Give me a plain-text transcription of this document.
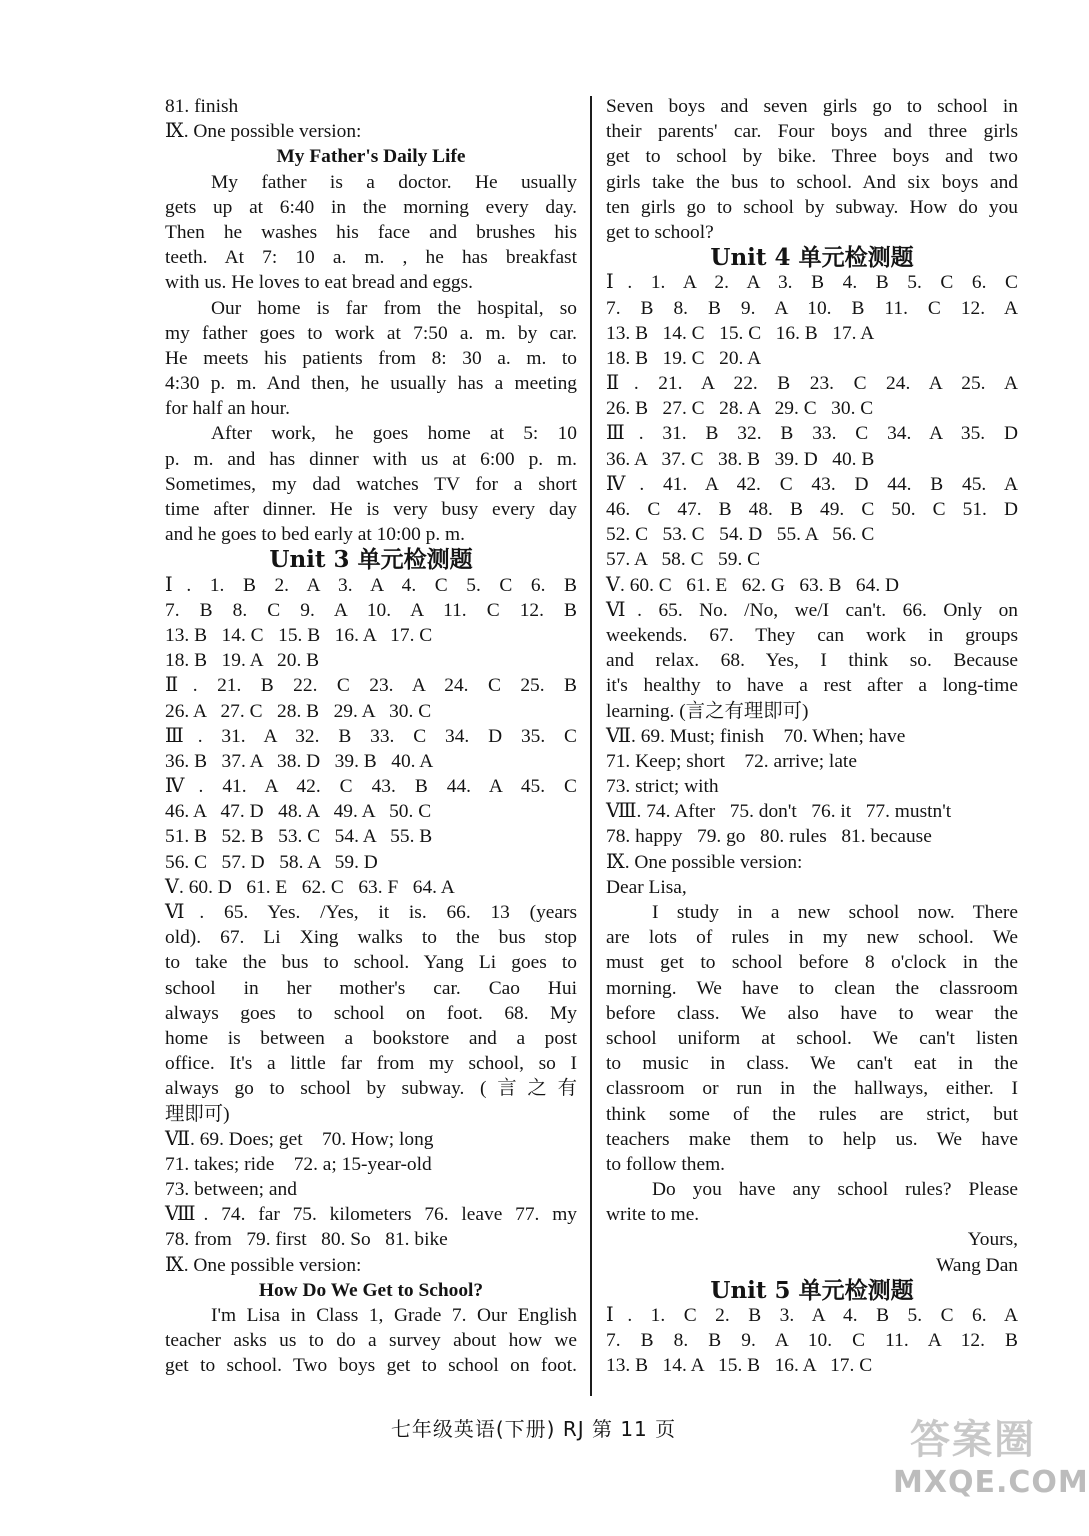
81. finish
Ⅸ. One possible version:
My Father's Daily Life
My father is a doctor. He usually
gets up at 6:40 in the morning every day.
Then he washes his face and brushes his
teeth. At 7: 10 a. m. , he has breakfast
with us. He loves to eat bread and eggs.
Our home is far from the hospital, so
my father goes to work at 7:50 a. m. by car.
He meets his patients from 8: 30 a. m. to
4:30 p. m. And then, he usually has a meeting
for half an hour.
After work, he goes home at 5: 10
p. m. and has dinner with us at 6:00 p. m.
Sometimes, my dad watches TV for a short
time after dinner. He is very busy every day
and he goes to bed early at 10:00 p. m.
Unit 3 单元检测题
Ⅰ. 1. B 2. A 3. A 4. C 5. C 6. B
7. B 8. C 9. A 10. A 11. C 12. B
13. B   14. C   15. B   16. A   17. C
18. B   19. A   20. B
Ⅱ. 21. B 22. C 23. A 24. C 25. B
26. A   27. C   28. B   29. A   30. C
Ⅲ. 31. A 32. B 33. C 34. D 35. C
36. B   37. A   38. D   39. B   40. A
Ⅳ. 41. A 42. C 43. B 44. A 45. C
46. A   47. D   48. A   49. A   50. C
51. B   52. B   53. C   54. A   55. B
56. C   57. D   58. A   59. D
Ⅴ. 60. D   61. E   62. C   63. F   64. A
Ⅵ. 65. Yes. /Yes, it is. 66. 13 (years
old). 67. Li Xing walks to the bus stop
to take the bus to school. Yang Li goes to
school in her mother's car. Cao Hui
always goes to school on foot. 68. My
home is between a bookstore and a post
office. It's a little far from my school, so I
always go to school by subway. (言之有
理即可)
Ⅶ. 69. Does; get    70. How; long
71. takes; ride    72. a; 15-year-old
73. between; and
Ⅷ. 74. far 75. kilometers 76. leave 77. my
78. from   79. first   80. So   81. bike
Ⅸ. One possible version:
How Do We Get to School?
I'm Lisa in Class 1, Grade 7. Our English
teacher asks us to do a survey about how we
get to school. Two boys get to school on foot.
Seven boys and seven girls go to school in
their parents' car. Four boys and three girls
get to school by bike. Three boys and two
girls take the bus to school. And six boys and
ten girls go to school by subway. How do you
get to school?
Unit 4 单元检测题
Ⅰ. 1. A 2. A 3. B 4. B 5. C 6. C
7. B 8. B 9. A 10. B 11. C 12. A
13. B   14. C   15. C   16. B   17. A
18. B   19. C   20. A
Ⅱ. 21. A 22. B 23. C 24. A 25. A
26. B   27. C   28. A   29. C   30. C
Ⅲ. 31. B 32. B 33. C 34. A 35. D
36. A   37. C   38. B   39. D   40. B
Ⅳ. 41. A 42. C 43. D 44. B 45. A
46. C 47. B 48. B 49. C 50. C 51. D
52. C   53. C   54. D   55. A   56. C
57. A   58. C   59. C
Ⅴ. 60. C   61. E   62. G   63. B   64. D
Ⅵ. 65. No. /No, we/I can't. 66. Only on
weekends. 67. They can work in groups
and relax. 68. Yes, I think so. Because
it's healthy to have a rest after a long-time
learning. (言之有理即可)
Ⅶ. 69. Must; finish    70. When; have
71. Keep; short    72. arrive; late
73. strict; with
Ⅷ. 74. After   75. don't   76. it   77. mustn't
78. happy   79. go   80. rules   81. because
Ⅸ. One possible version:
Dear Lisa,
I study in a new school now. There
are lots of rules in my new school. We
must get to school before 8 o'clock in the
morning. We have to clean the classroom
before class. We also have to wear the
school uniform at school. We can't listen
to music in class. We can't eat in the
classroom or run in the hallways, either. I
think some of the rules are strict, but
teachers make them to help us. We have
to follow them.
Do you have any school rules? Please
write to me.
Yours,
Wang Dan
Unit 5 单元检测题
Ⅰ. 1. C 2. B 3. A 4. B 5. C 6. A
7. B 8. B 9. A 10. C 11. A 12. B
13. B   14. A   15. B   16. A   17. C
七年级英语(下册) RJ 第 11 页	答案圈
MXQE.COM
